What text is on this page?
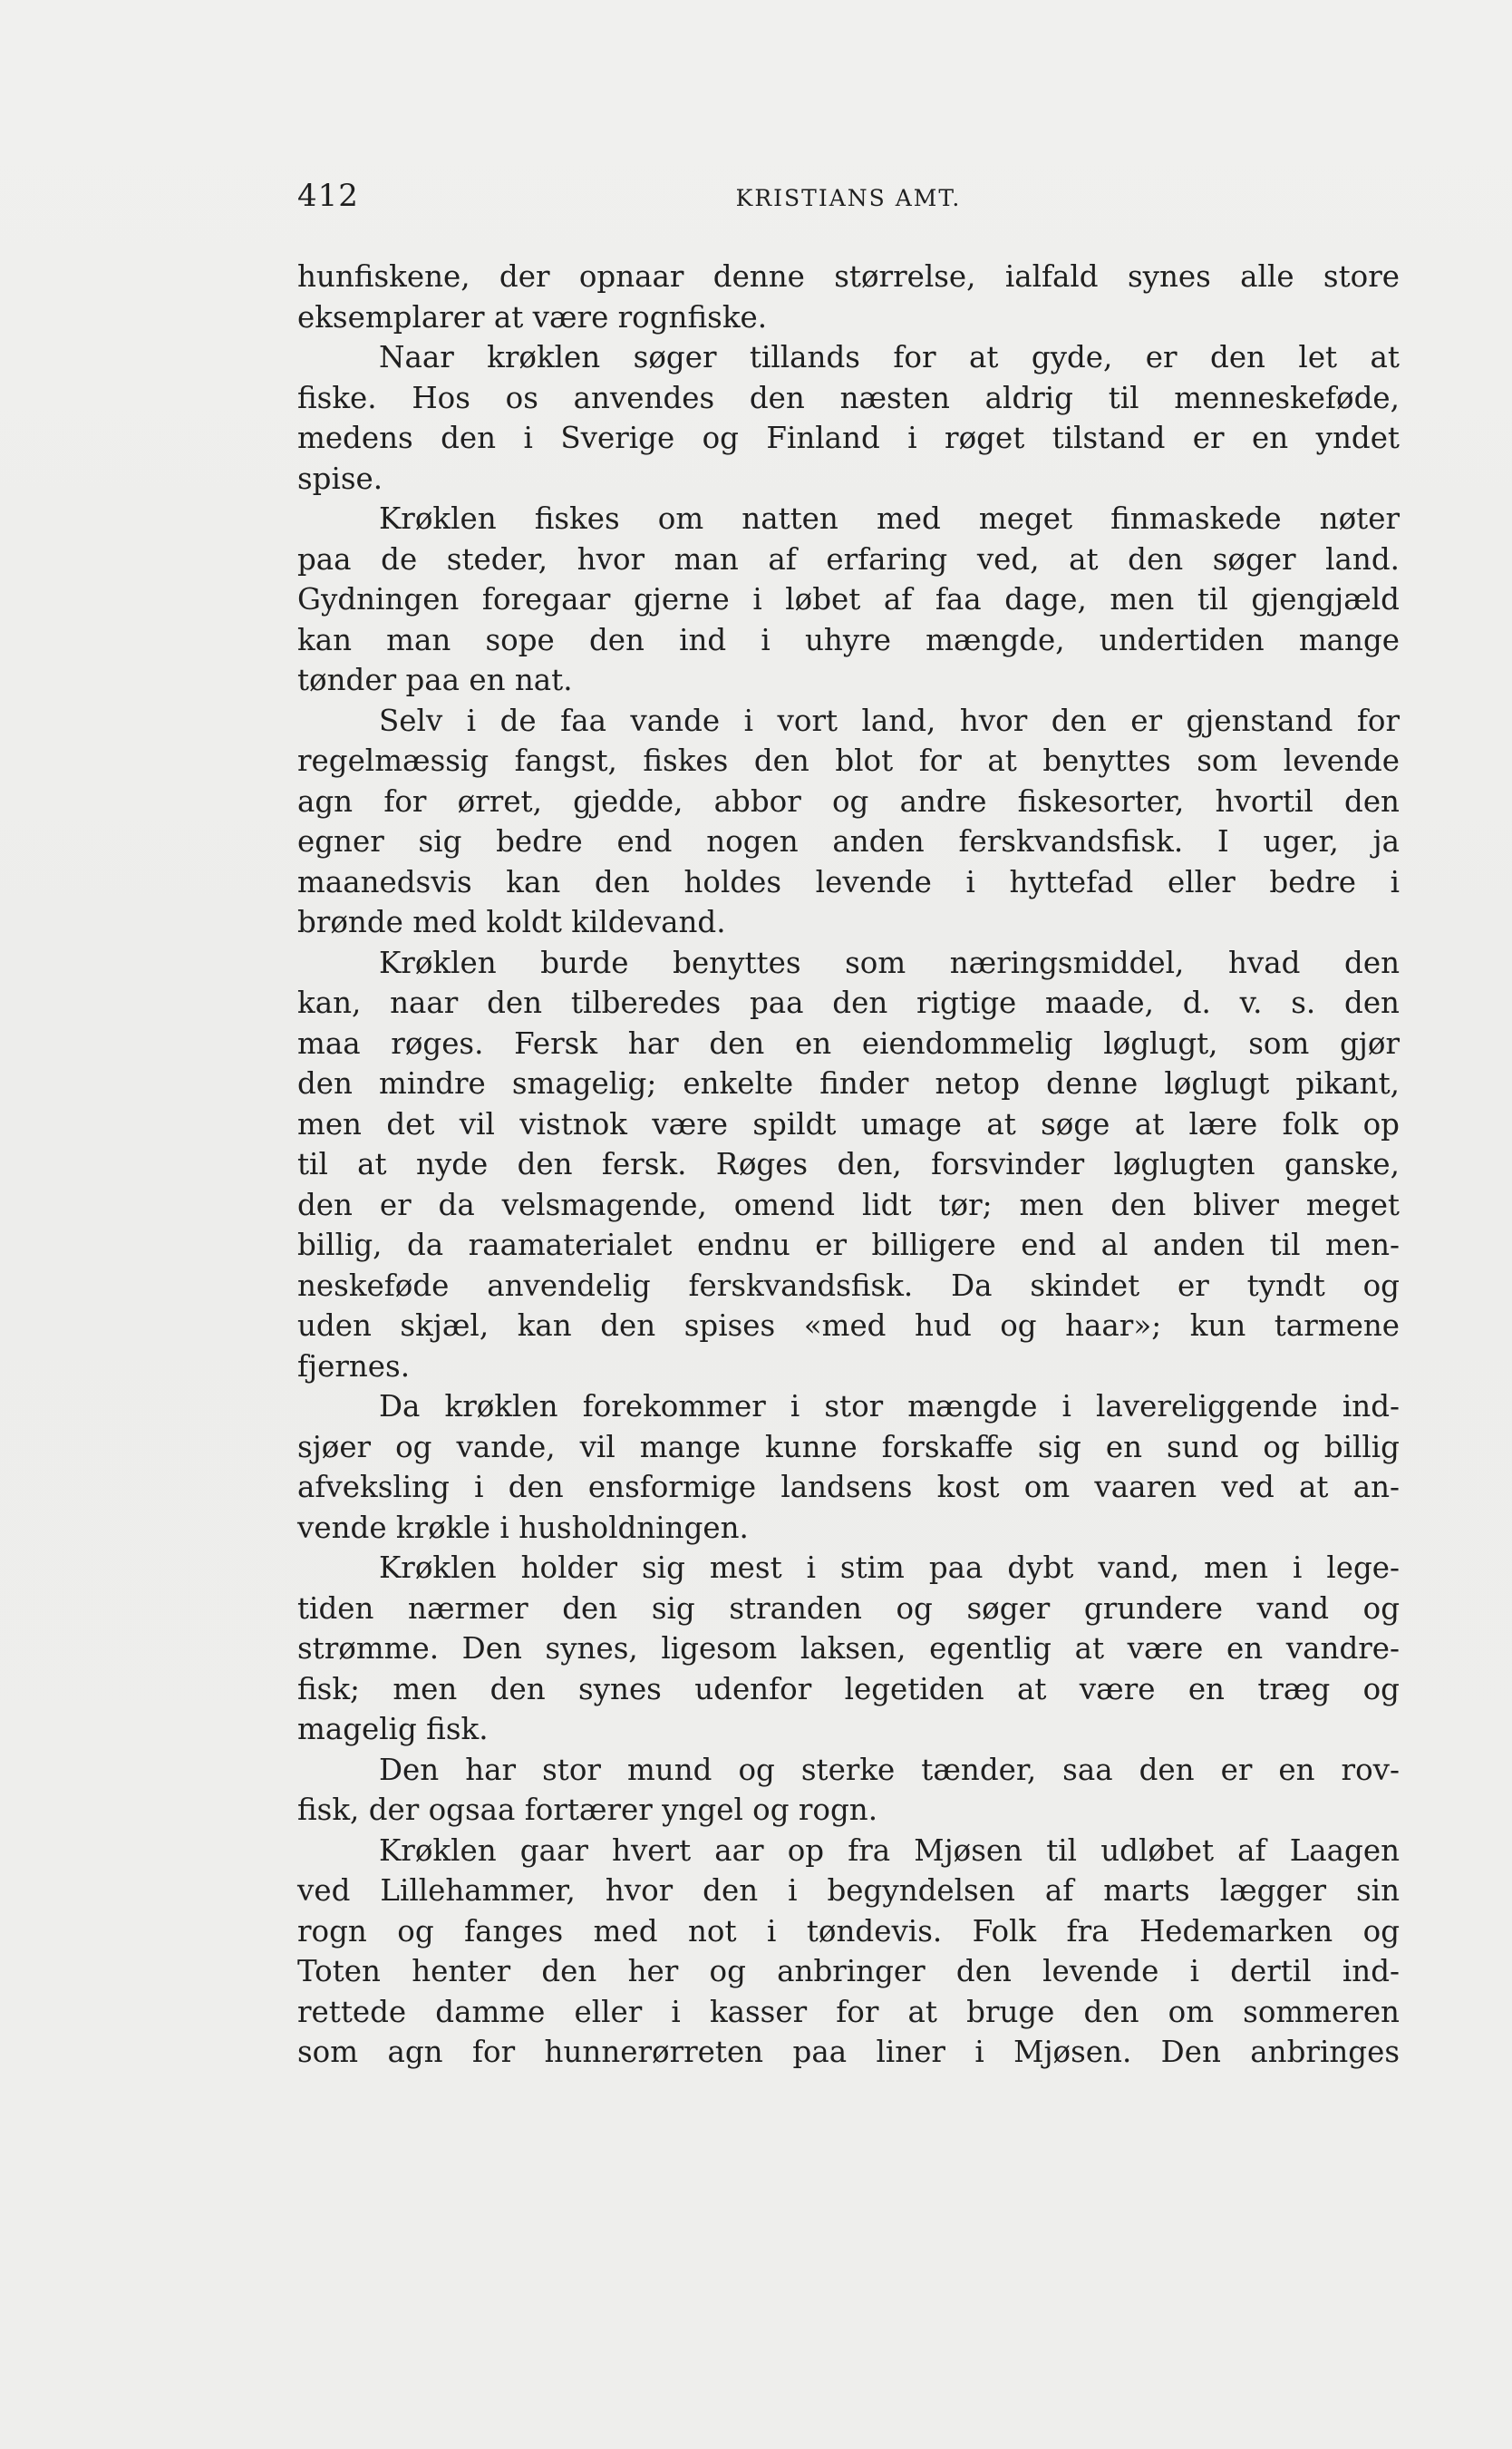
412	KRISTIANS AMT.
hunfiskene, der opnaar denne størrelse, ialfald synes alle store
eksemplarer at være rognfiske.
Naar krøklen søger tillands for at gyde, er den let at
fiske. Hos os anvendes den næsten aldrig til menneskeføde,
medens den i Sverige og Finland i røget tilstand er en yndet
spise.
Krøklen fiskes om natten med meget finmaskede nøter
paa de steder, hvor man af erfaring ved, at den søger land.
Gydningen foregaar gjerne i løbet af faa dage, men til gjengjæld
kan man sope den ind i uhyre mængde, undertiden mange
tønder paa en nat.
Selv i de faa vande i vort land, hvor den er gjenstand for
regelmæssig fangst, fiskes den blot for at benyttes som levende
agn for ørret, gjedde, abbor og andre fiskesorter, hvortil den
egner sig bedre end nogen anden ferskvandsfisk. I uger, ja
maanedsvis kan den holdes levende i hyttefad eller bedre i
brønde med koldt kildevand.
Krøklen burde benyttes som næringsmiddel, hvad den
kan, naar den tilberedes paa den rigtige maade, d. v. s. den
maa røges. Fersk har den en eiendommelig løglugt, som gjør
den mindre smagelig; enkelte finder netop denne løglugt pikant,
men det vil vistnok være spildt umage at søge at lære folk op
til at nyde den fersk. Røges den, forsvinder løglugten ganske,
den er da velsmagende, omend lidt tør; men den bliver meget
billig, da raamaterialet endnu er billigere end al anden til men-
neskeføde anvendelig ferskvandsfisk. Da skindet er tyndt og
uden skjæl, kan den spises «med hud og haar»; kun tarmene
fjernes.
Da krøklen forekommer i stor mængde i lavereliggende ind-
sjøer og vande, vil mange kunne forskaffe sig en sund og billig
afveksling i den ensformige landsens kost om vaaren ved at an-
vende krøkle i husholdningen.
Krøklen holder sig mest i stim paa dybt vand, men i lege-
tiden nærmer den sig stranden og søger grundere vand og
strømme. Den synes, ligesom laksen, egentlig at være en vandre-
fisk; men den synes udenfor legetiden at være en træg og
magelig fisk.
Den har stor mund og sterke tænder, saa den er en rov-
fisk, der ogsaa fortærer yngel og rogn.
Krøklen gaar hvert aar op fra Mjøsen til udløbet af Laagen
ved Lillehammer, hvor den i begyndelsen af marts lægger sin
rogn og fanges med not i tøndevis. Folk fra Hedemarken og
Toten henter den her og anbringer den levende i dertil ind-
rettede damme eller i kasser for at bruge den om sommeren
som agn for hunnerørreten paa liner i Mjøsen. Den anbringes
